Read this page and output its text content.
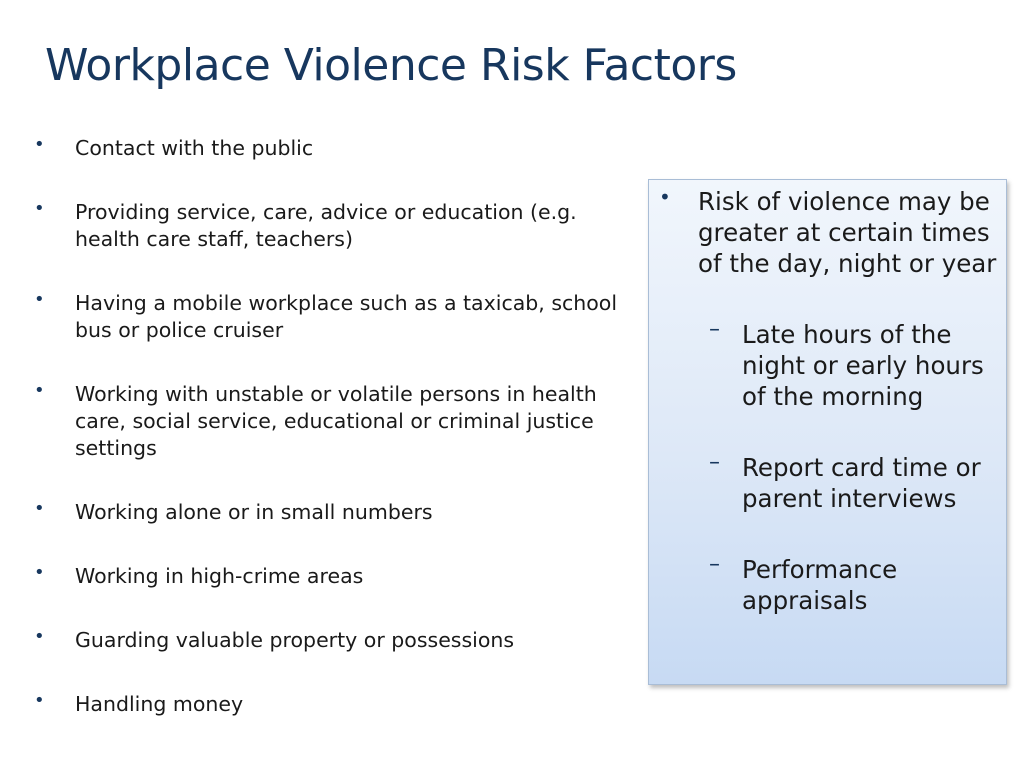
Workplace Violence Risk Factors
• Contact with the public
• Providing service, care, advice or education (e.g. health care staff, teachers)
• Having a mobile workplace such as a taxicab, school bus or police cruiser
• Working with unstable or volatile persons in health care, social service, educational or criminal justice settings
• Working alone or in small numbers
• Working in high-crime areas
• Guarding valuable property or possessions
• Handling money
• Risk of violence may be greater at certain times of the day, night or year
– Late hours of the night or early hours of the morning
– Report card time or parent interviews
– Performance appraisals
